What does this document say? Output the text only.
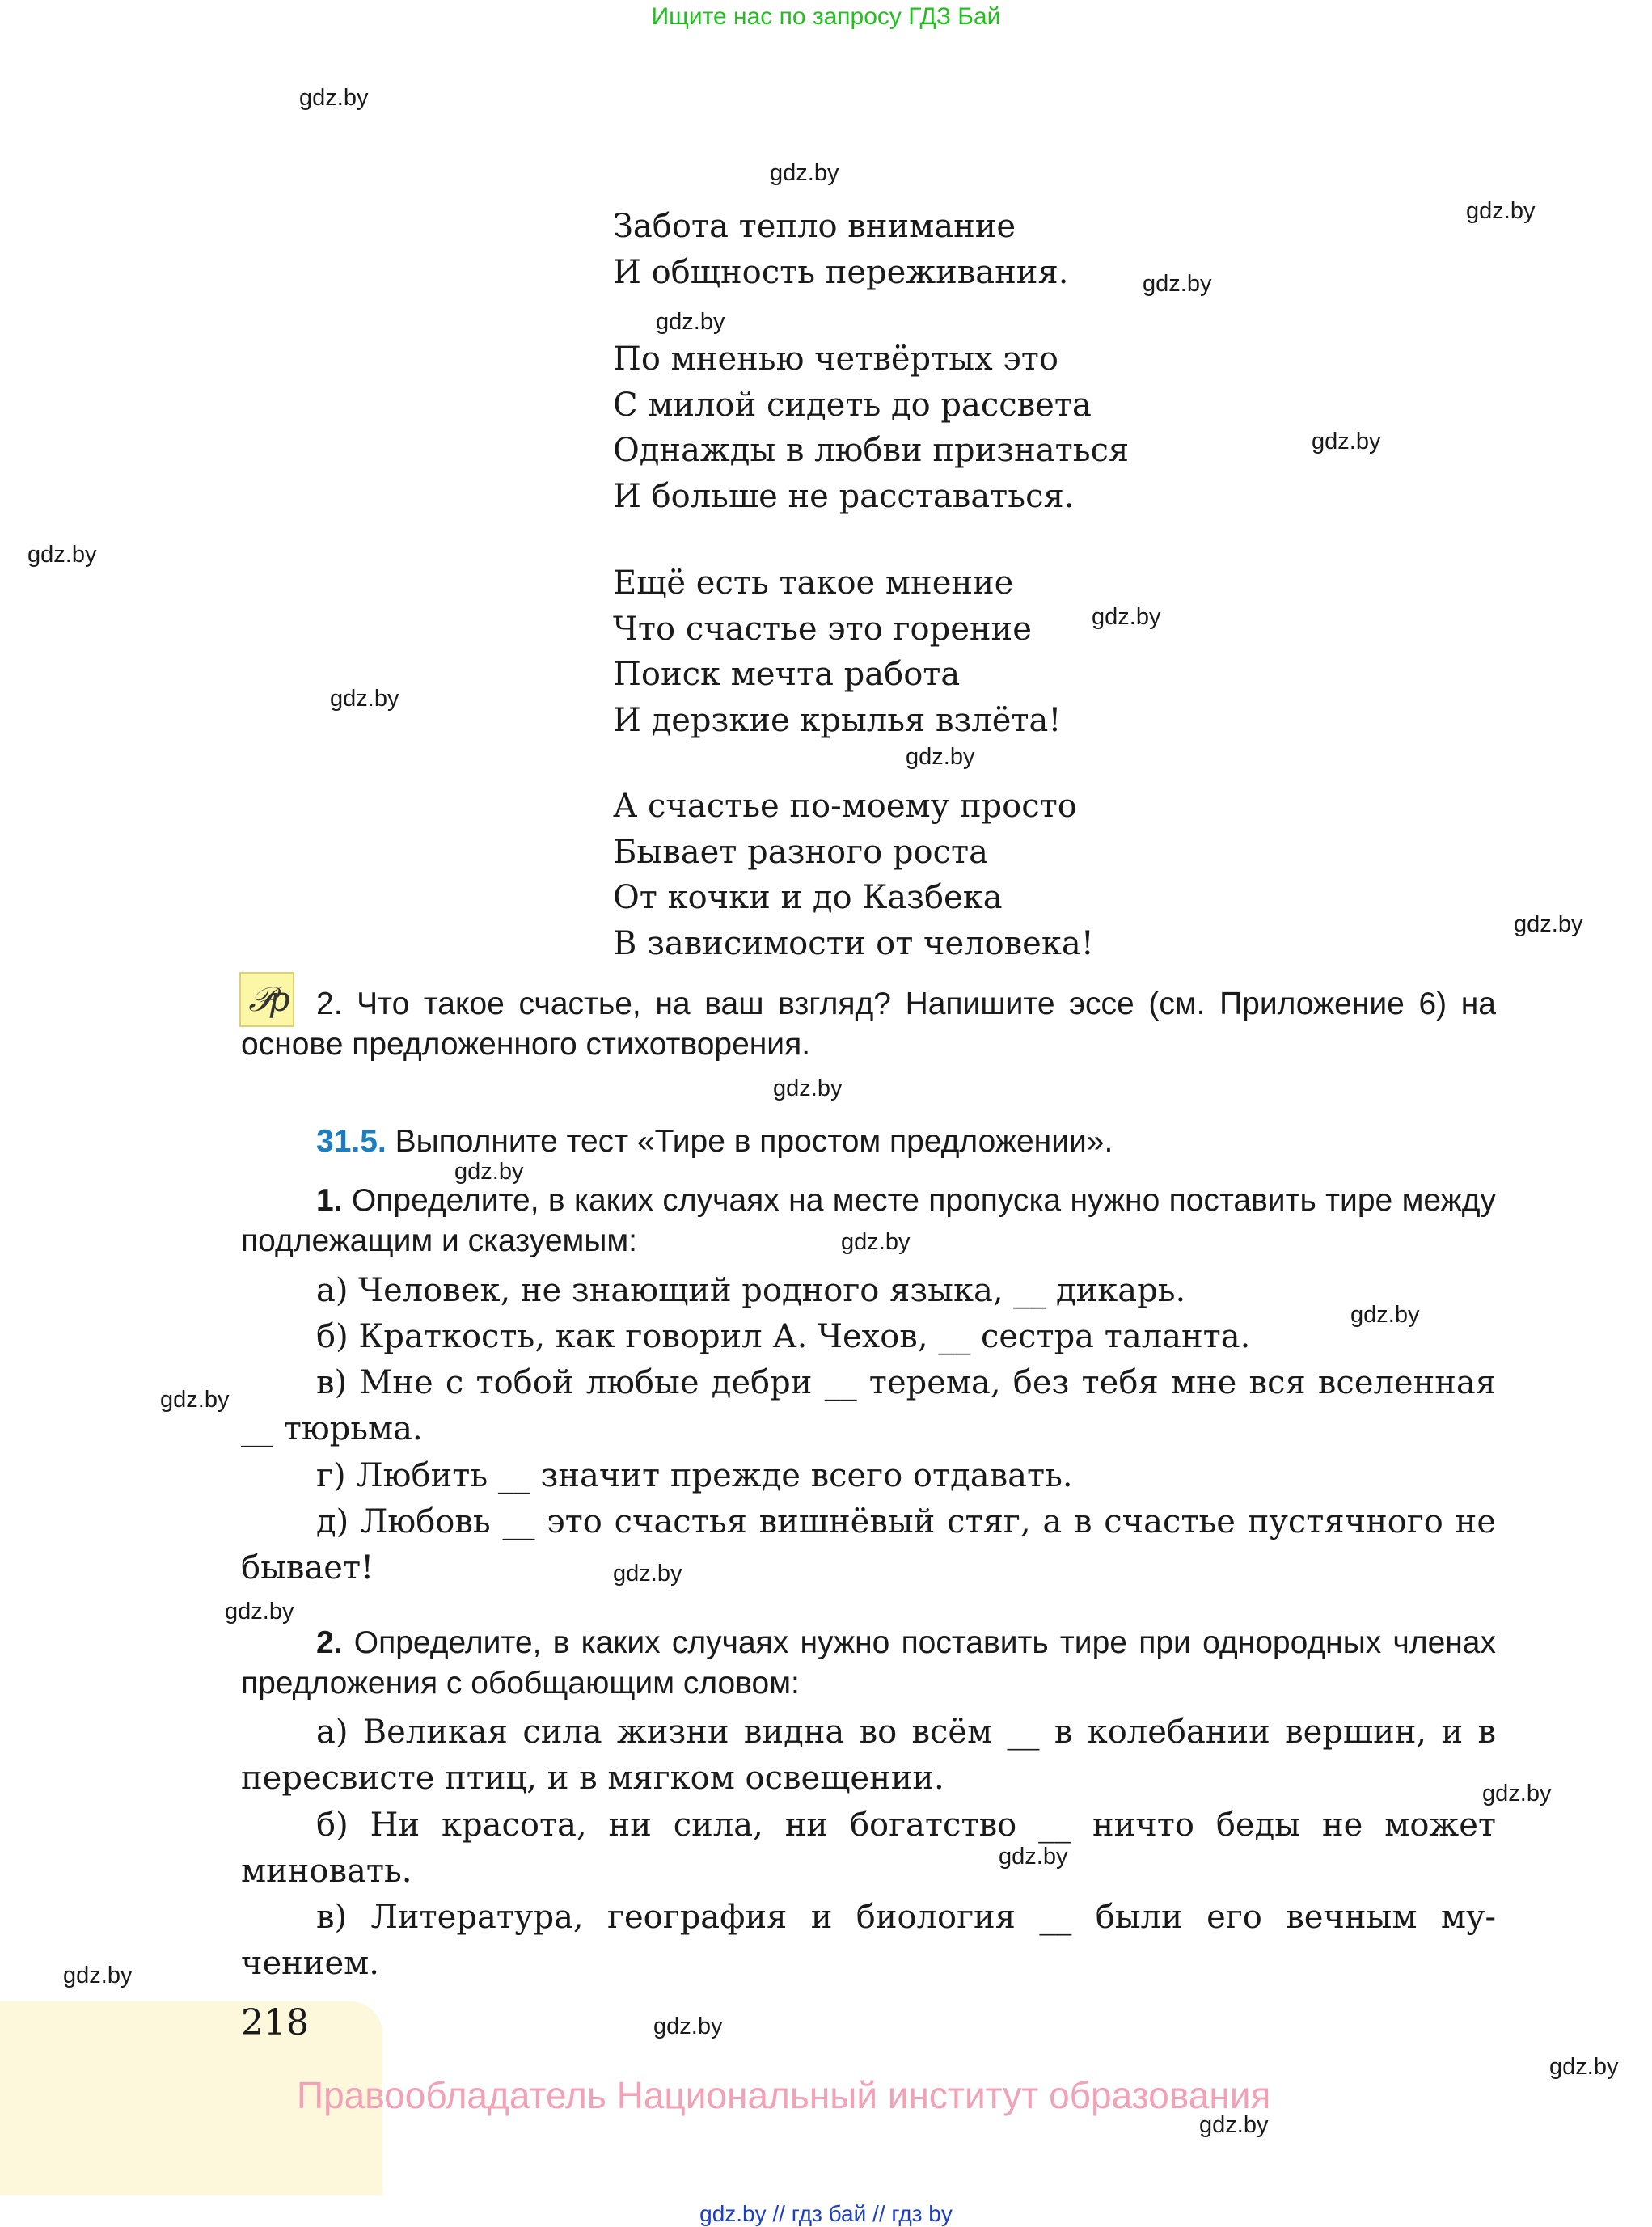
Ищите нас по запросу ГДЗ Бай
gdz.by
gdz.by
gdz.by
gdz.by
gdz.by
gdz.by
gdz.by
gdz.by
gdz.by
gdz.by
gdz.by
gdz.by
gdz.by
gdz.by
gdz.by
gdz.by
gdz.by
gdz.by
gdz.by
gdz.by
gdz.by
gdz.by
gdz.by
gdz.by
Забота тепло внимание
И общность переживания.
По мненью четвёртых это
С милой сидеть до рассвета
Однажды в любви признаться
И больше не расставаться.
Ещё есть такое мнение
Что счастье это горение
Поиск мечта работа
И дерзкие крылья взлёта!
А счастье по-моему просто
Бывает разного роста
От кочки и до Казбека
В зависимости от человека!
𝒫p 2. Что такое счастье, на ваш взгляд? Напишите эссе (см. Приложение 6) на основе предложенного стихотворения.
31.5. Выполните тест «Тире в простом предложении».
1. Определите, в каких случаях на месте пропуска нужно поставить тире между подлежащим и сказуемым:
а) Человек, не знающий родного языка, __ дикарь.
б) Краткость, как говорил А. Чехов, __ сестра таланта.
в) Мне с тобой любые дебри __ терема, без тебя мне вся вселенная __ тюрьма.
г) Любить __ значит прежде всего отдавать.
д) Любовь __ это счастья вишнёвый стяг, а в счастье пустячного не бывает!
2. Определите, в каких случаях нужно поставить тире при однородных членах предложения с обобщающим словом:
а) Великая сила жизни видна во всём __ в колебании вершин, и в пересвисте птиц, и в мягком освещении.
б) Ни красота, ни сила, ни богатство __ ничто беды не может миновать.
в) Литература, география и биология __ были его вечным мучением.
218
Правообладатель Национальный институт образования
gdz.by // гдз бай // гдз by
